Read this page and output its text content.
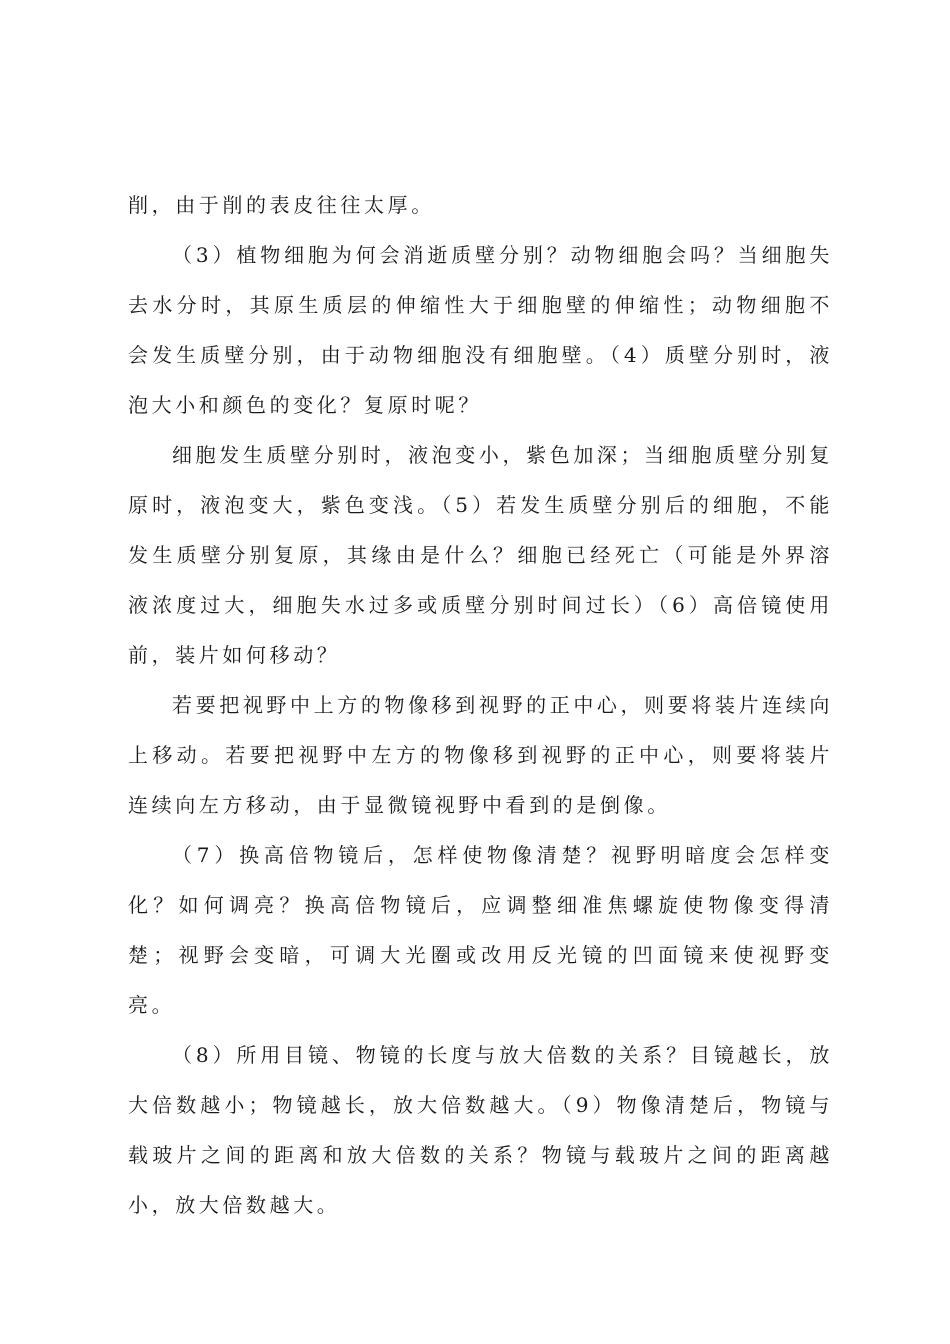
削，由于削的表皮往往太厚。

（3）植物细胞为何会消逝质壁分别？动物细胞会吗？当细胞失去水分时，其原生质层的伸缩性大于细胞壁的伸缩性；动物细胞不会发生质壁分别，由于动物细胞没有细胞壁。（4）质壁分别时，液泡大小和颜色的变化？复原时呢？

细胞发生质壁分别时，液泡变小，紫色加深；当细胞质壁分别复原时，液泡变大，紫色变浅。（5）若发生质壁分别后的细胞，不能发生质壁分别复原，其缘由是什么？细胞已经死亡（可能是外界溶液浓度过大，细胞失水过多或质壁分别时间过长）（6）高倍镜使用前，装片如何移动？

若要把视野中上方的物像移到视野的正中心，则要将装片连续向上移动。若要把视野中左方的物像移到视野的正中心，则要将装片连续向左方移动，由于显微镜视野中看到的是倒像。

（7）换高倍物镜后，怎样使物像清楚？视野明暗度会怎样变化？如何调亮？换高倍物镜后，应调整细准焦螺旋使物像变得清楚；视野会变暗，可调大光圈或改用反光镜的凹面镜来使视野变亮。

（8）所用目镜、物镜的长度与放大倍数的关系？目镜越长，放大倍数越小；物镜越长，放大倍数越大。（9）物像清楚后，物镜与载玻片之间的距离和放大倍数的关系？物镜与载玻片之间的距离越小，放大倍数越大。
